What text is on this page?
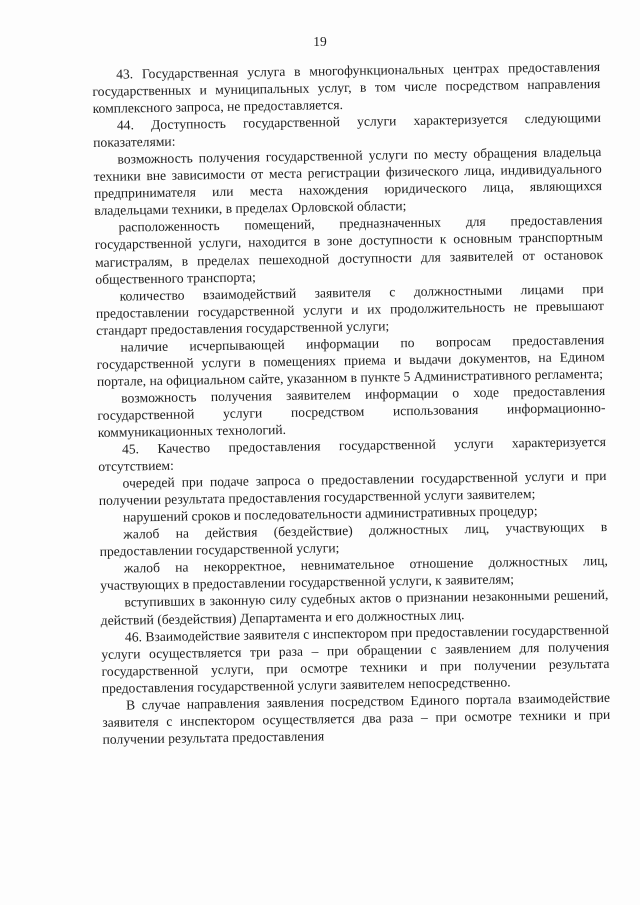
19

43. Государственная услуга в многофункциональных центрах предоставления государственных и муниципальных услуг, в том числе посредством направления комплексного запроса, не предоставляется.

44. Доступность государственной услуги характеризуется следующими показателями:

возможность получения государственной услуги по месту обращения владельца техники вне зависимости от места регистрации физического лица, индивидуального предпринимателя или места нахождения юридического лица, являющихся владельцами техники, в пределах Орловской области;

расположенность помещений, предназначенных для предоставления государственной услуги, находится в зоне доступности к основным транспортным магистралям, в пределах пешеходной доступности для заявителей от остановок общественного транспорта;

количество взаимодействий заявителя с должностными лицами при предоставлении государственной услуги и их продолжительность не превышают стандарт предоставления государственной услуги;

наличие исчерпывающей информации по вопросам предоставления государственной услуги в помещениях приема и выдачи документов, на Едином портале, на официальном сайте, указанном в пункте 5 Административного регламента;

возможность получения заявителем информации о ходе предоставления государственной услуги посредством использования информационно-коммуникационных технологий.

45. Качество предоставления государственной услуги характеризуется отсутствием:

очередей при подаче запроса о предоставлении государственной услуги и при получении результата предоставления государственной услуги заявителем;

нарушений сроков и последовательности административных процедур;

жалоб на действия (бездействие) должностных лиц, участвующих в предоставлении государственной услуги;

жалоб на некорректное, невнимательное отношение должностных лиц, участвующих в предоставлении государственной услуги, к заявителям;

вступивших в законную силу судебных актов о признании незаконными решений, действий (бездействия) Департамента и его должностных лиц.

46. Взаимодействие заявителя с инспектором при предоставлении государственной услуги осуществляется три раза – при обращении с заявлением для получения государственной услуги, при осмотре техники и при получении результата предоставления государственной услуги заявителем непосредственно.

В случае направления заявления посредством Единого портала взаимодействие заявителя с инспектором осуществляется два раза – при осмотре техники и при получении результата предоставления
